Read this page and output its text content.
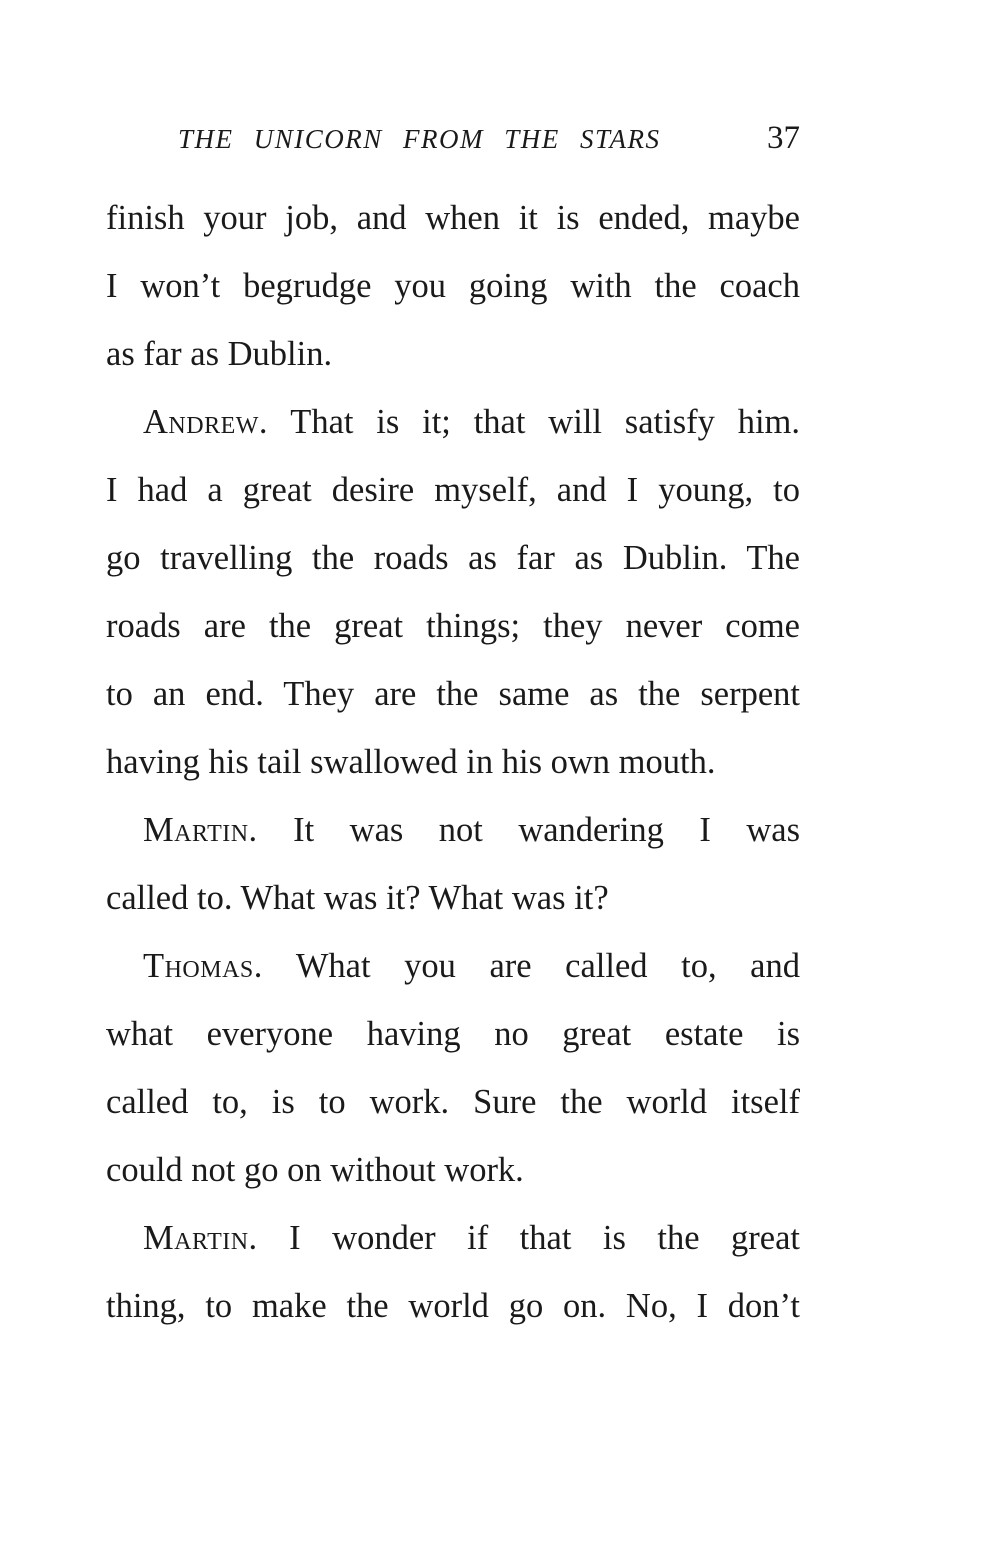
THE UNICORN FROM THE STARS	37
finish your job, and when it is ended, maybe
I won’t begrudge you going with the coach
as far as Dublin.
Andrew. That is it; that will satisfy him.
I had a great desire myself, and I young, to
go travelling the roads as far as Dublin. The
roads are the great things; they never come
to an end. They are the same as the serpent
having his tail swallowed in his own mouth.
Martin. It was not wandering I was
called to. What was it? What was it?
Thomas. What you are called to, and
what everyone having no great estate is
called to, is to work. Sure the world itself
could not go on without work.
Martin. I wonder if that is the great
thing, to make the world go on. No, I don’t
